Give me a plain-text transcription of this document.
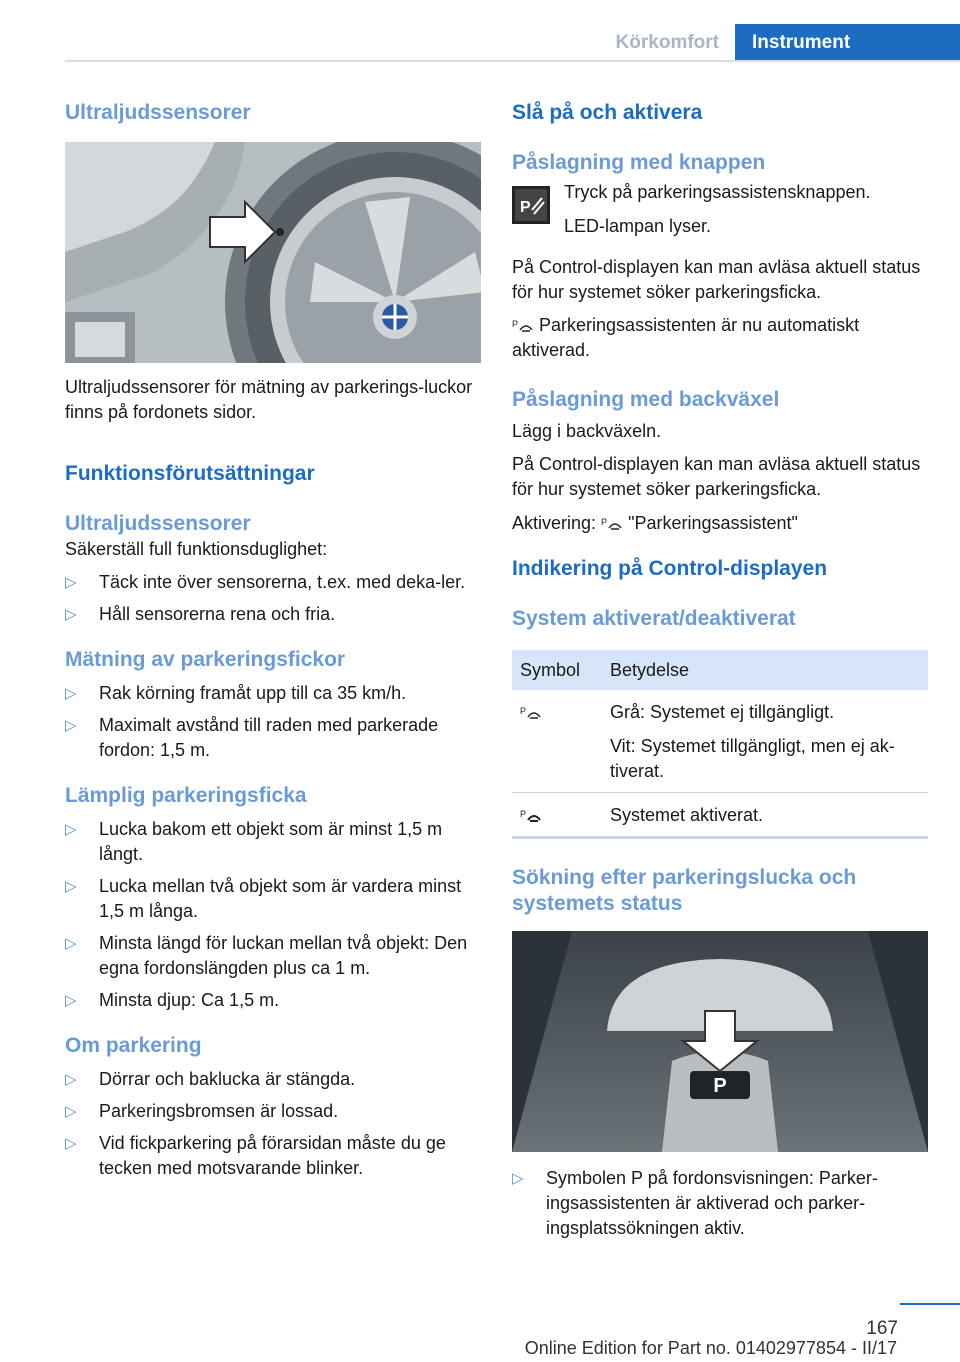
Körkomfort	Instrument
Ultraljudssensorer

Ultraljudssensorer för mätning av parkerings-luckor finns på fordonets sidor.

Funktionsförutsättningar
Ultraljudssensorer

Säkerställ full funktionsduglighet:

▷ Täck inte över sensorerna, t.ex. med deka-ler.
▷ Håll sensorerna rena och fria.
Mätning av parkeringsfickor
▷ Rak körning framåt upp till ca 35 km/h.
▷ Maximalt avstånd till raden med parkerade fordon: 1,5 m.
Lämplig parkeringsficka
▷ Lucka bakom ett objekt som är minst 1,5 m långt.
▷ Lucka mellan två objekt som är vardera minst 1,5 m långa.
▷ Minsta längd för luckan mellan två objekt: Den egna fordonslängden plus ca 1 m.
▷ Minsta djup: Ca 1,5 m.
Om parkering
▷ Dörrar och baklucka är stängda.
▷ Parkeringsbromsen är lossad.
▷ Vid fickparkering på förarsidan måste du ge tecken med motsvarande blinker.
Slå på och aktivera
Påslagning med knappen
P

Tryck på parkeringsassistensknappen.

LED-lampan lyser.

På Control-displayen kan man avläsa aktuell status för hur systemet söker parkeringsficka.

P Parkeringsassistenten är nu automatiskt aktiverad.

Påslagning med backväxel

Lägg i backväxeln.

På Control-displayen kan man avläsa aktuell status för hur systemet söker parkeringsficka.

Aktivering: P "Parkeringsassistent"

Indikering på Control-displayen
System aktiverat/deaktiverat
Symbol	Betydelse

P	Grå: Systemet ej tillgängligt.
Vit: Systemet tillgängligt, men ej ak-tiverat.

P	Systemet aktiverat.
Sökning efter parkeringslucka och systemets status
P
▷ Symbolen P på fordonsvisningen: Parker-ingsassistenten är aktiverad och parker-ingsplatssökningen aktiv.
167
Online Edition for Part no. 01402977854 - II/17
